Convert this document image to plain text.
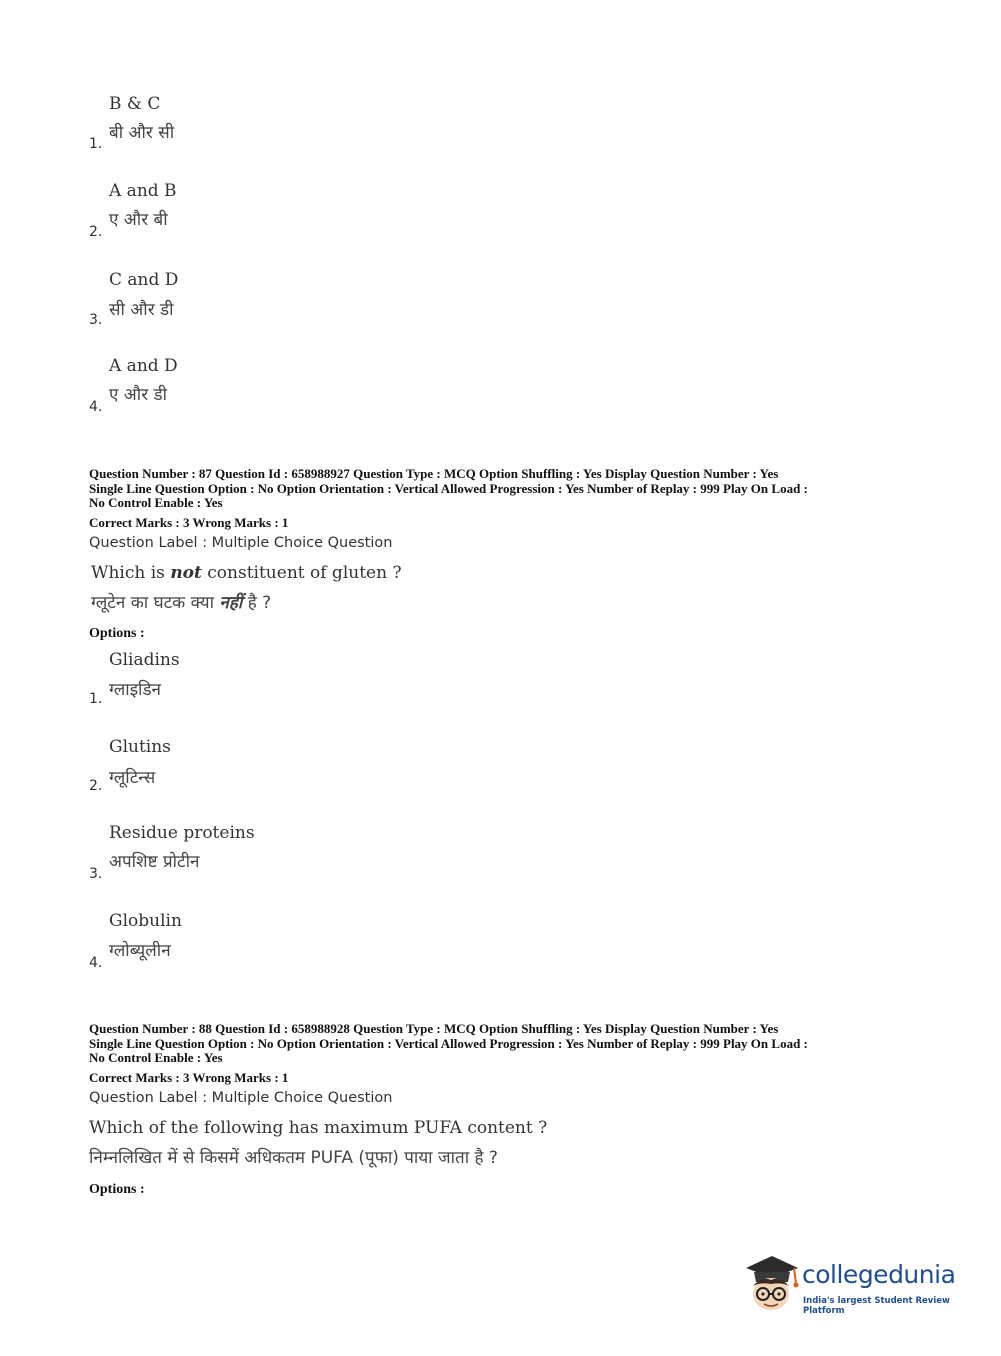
B & C
बी और सी
1.
A and B
ए और बी
2.
C and D
सी और डी
3.
A and D
ए और डी
4.
Question Number : 87 Question Id : 658988927 Question Type : MCQ Option Shuffling : Yes Display Question Number : Yes
Single Line Question Option : No Option Orientation : Vertical Allowed Progression : Yes Number of Replay : 999 Play On Load :
No Control Enable : Yes
Correct Marks : 3 Wrong Marks : 1
Question Label : Multiple Choice Question
Which is not constituent of gluten ?
ग्लूटेन का घटक क्या नहीं है ?
Options :
Gliadins
ग्लाइडिन
1.
Glutins
ग्लूटिन्स
2.
Residue proteins
अपशिष्ट प्रोटीन
3.
Globulin
ग्लोब्यूलीन
4.
Question Number : 88 Question Id : 658988928 Question Type : MCQ Option Shuffling : Yes Display Question Number : Yes
Single Line Question Option : No Option Orientation : Vertical Allowed Progression : Yes Number of Replay : 999 Play On Load :
No Control Enable : Yes
Correct Marks : 3 Wrong Marks : 1
Question Label : Multiple Choice Question
Which of the following has maximum PUFA content ?
निम्नलिखित में से किसमें अधिकतम PUFA (पूफा) पाया जाता है ?
Options :
collegedunia
India's largest Student Review Platform
